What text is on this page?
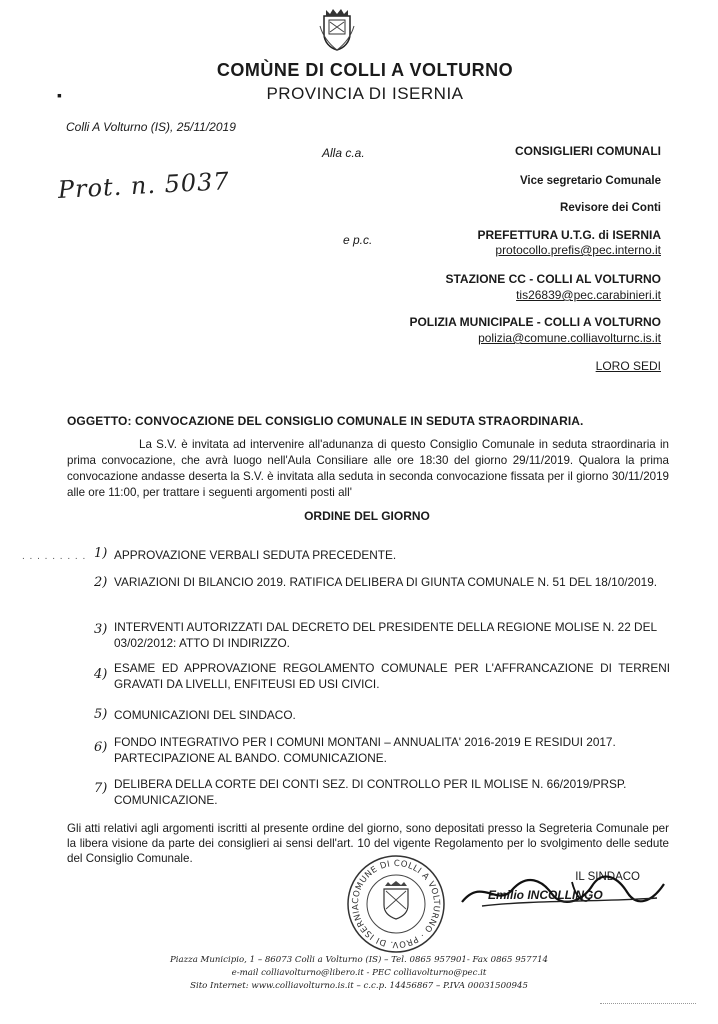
COMÙNE DI COLLI A VOLTURNO
PROVINCIA DI ISERNIA
▪
Colli A Volturno (IS), 25/11/2019
Alla c.a.
Prot. n. 5037
CONSIGLIERI COMUNALI
Vice segretario Comunale
Revisore dei Conti
e p.c.	PREFETTURA U.T.G. di ISERNIA
protocollo.prefis@pec.interno.it
STAZIONE CC - COLLI AL VOLTURNO
tis26839@pec.carabinieri.it
POLIZIA MUNICIPALE - COLLI A VOLTURNO
polizia@comune.colliavolturnc.is.it
LORO SEDI
OGGETTO: CONVOCAZIONE DEL CONSIGLIO COMUNALE IN SEDUTA STRAORDINARIA.
La S.V. è invitata ad intervenire all'adunanza di questo Consiglio Comunale in seduta straordinaria in prima convocazione, che avrà luogo nell'Aula Consiliare alle ore 18:30 del giorno 29/11/2019. Qualora la prima convocazione andasse deserta la S.V. è invitata alla seduta in seconda convocazione fissata per il giorno 30/11/2019 alle ore 11:00, per trattare i seguenti argomenti posti all'
ORDINE DEL GIORNO
. . . . . . . . . 1) APPROVAZIONE VERBALI SEDUTA PRECEDENTE.
2) VARIAZIONI DI BILANCIO 2019. RATIFICA DELIBERA DI GIUNTA COMUNALE N. 51 DEL 18/10/2019.
3) INTERVENTI AUTORIZZATI DAL DECRETO DEL PRESIDENTE DELLA REGIONE MOLISE N. 22 DEL 03/02/2012: ATTO DI INDIRIZZO.
4) ESAME ED APPROVAZIONE REGOLAMENTO COMUNALE PER L'AFFRANCAZIONE DI TERRENI GRAVATI DA LIVELLI, ENFITEUSI ED USI CIVICI.
5) COMUNICAZIONI DEL SINDACO.
6) FONDO INTEGRATIVO PER I COMUNI MONTANI – ANNUALITA' 2016-2019 E RESIDUI 2017. PARTECIPAZIONE AL BANDO. COMUNICAZIONE.
7) DELIBERA DELLA CORTE DEI CONTI SEZ. DI CONTROLLO PER IL MOLISE N. 66/2019/PRSP. COMUNICAZIONE.
Gli atti relativi agli argomenti iscritti al presente ordine del giorno, sono depositati presso la Segreteria Comunale per la libera visione da parte dei consiglieri ai sensi dell'art. 10 del vigente Regolamento per lo svolgimento delle sedute del Consiglio Comunale.
COMUNE DI COLLI A VOLTURNO · PROV. DI ISERNIA
IL SINDACO
Emilio INCOLLINGO
Piazza Municipio, 1 – 86073 Colli a Volturno (IS) – Tel. 0865 957901- Fax 0865 957714
e-mail colliavolturno@libero.it - PEC colliavolturno@pec.it
Sito Internet: www.colliavolturno.is.it – c.c.p. 14456867 – P.IVA 00031500945
